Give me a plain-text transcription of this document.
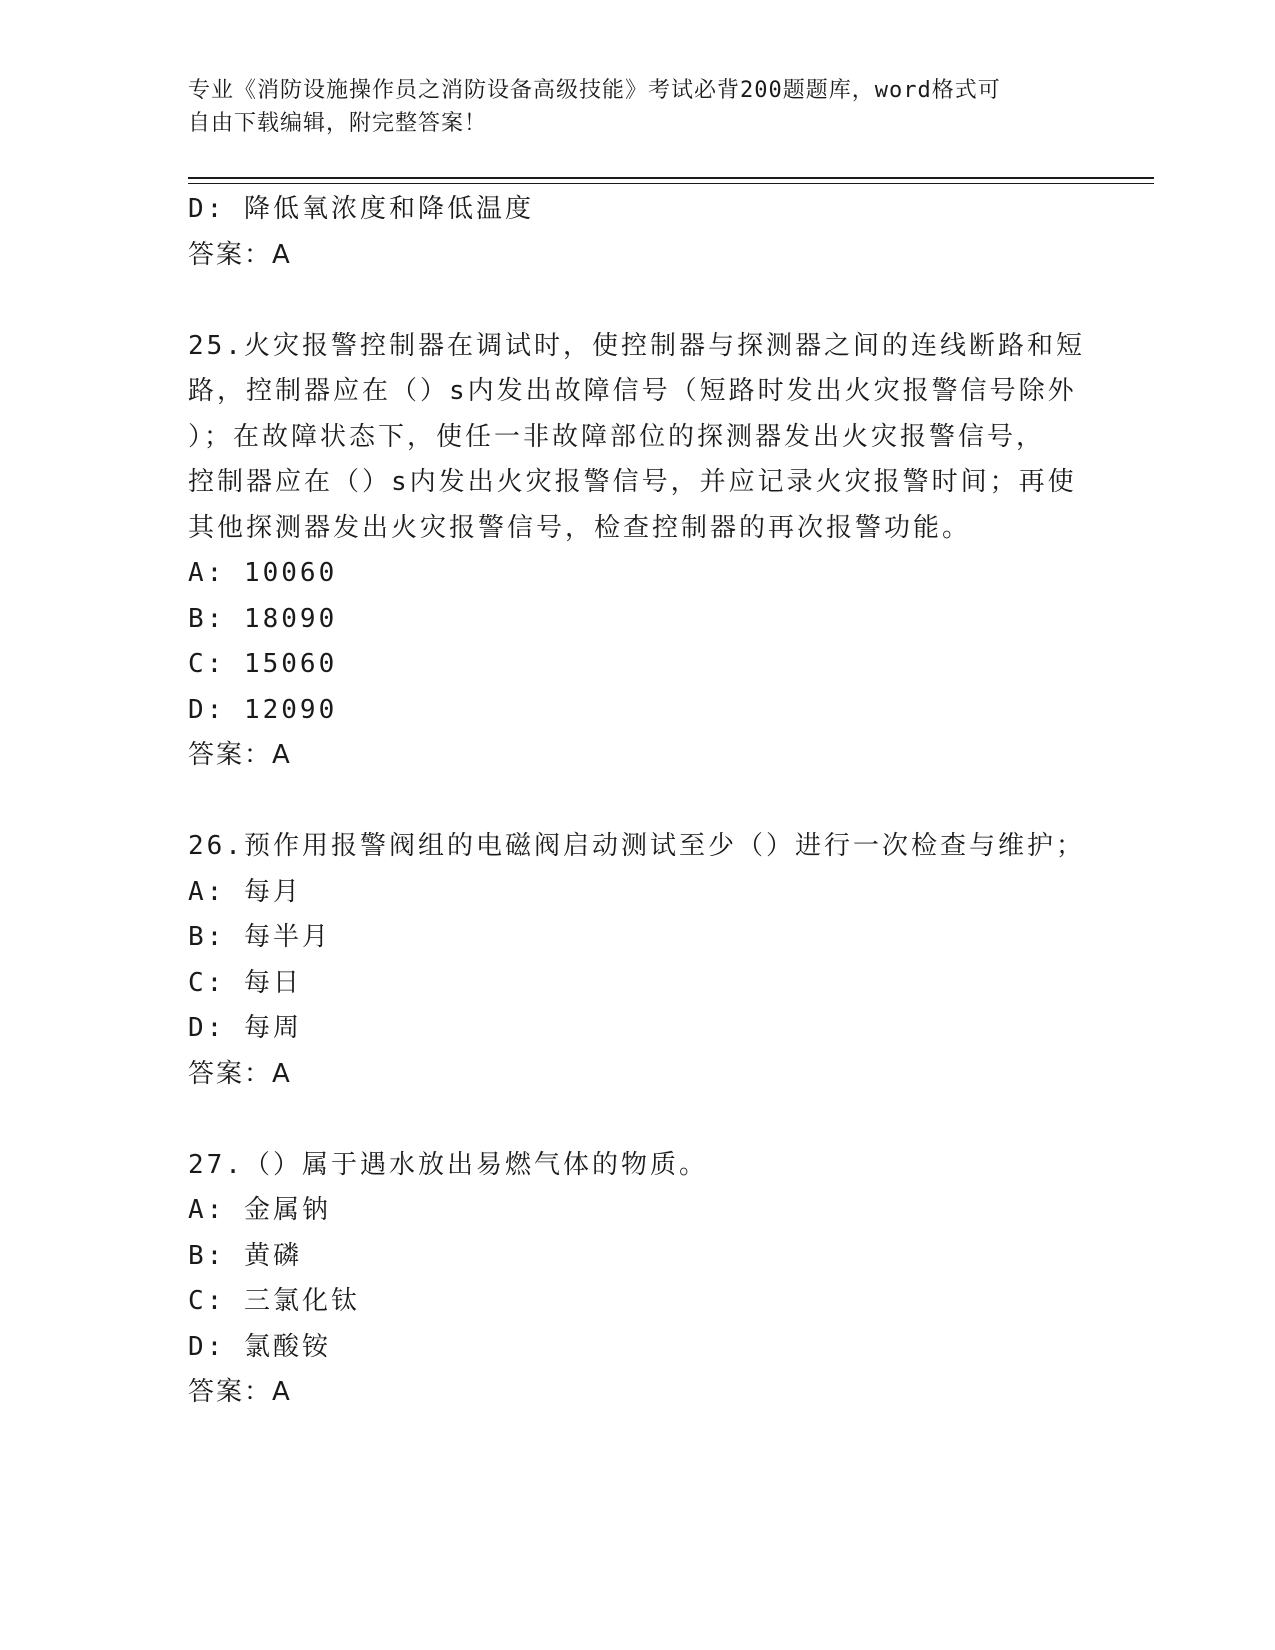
专业《消防设施操作员之消防设备高级技能》考试必背200题题库，word格式可
自由下载编辑，附完整答案！
D: 降低氧浓度和降低温度
答案：A
25.火灾报警控制器在调试时，使控制器与探测器之间的连线断路和短
路，控制器应在（）s内发出故障信号（短路时发出火灾报警信号除外
）；在故障状态下，使任一非故障部位的探测器发出火灾报警信号，
控制器应在（）s内发出火灾报警信号，并应记录火灾报警时间；再使
其他探测器发出火灾报警信号，检查控制器的再次报警功能。
A: 10060
B: 18090
C: 15060
D: 12090
答案：A
26.预作用报警阀组的电磁阀启动测试至少（）进行一次检查与维护；
A: 每月
B: 每半月
C: 每日
D: 每周
答案：A
27.（）属于遇水放出易燃气体的物质。
A: 金属钠
B: 黄磷
C: 三氯化钛
D: 氯酸铵
答案：A
